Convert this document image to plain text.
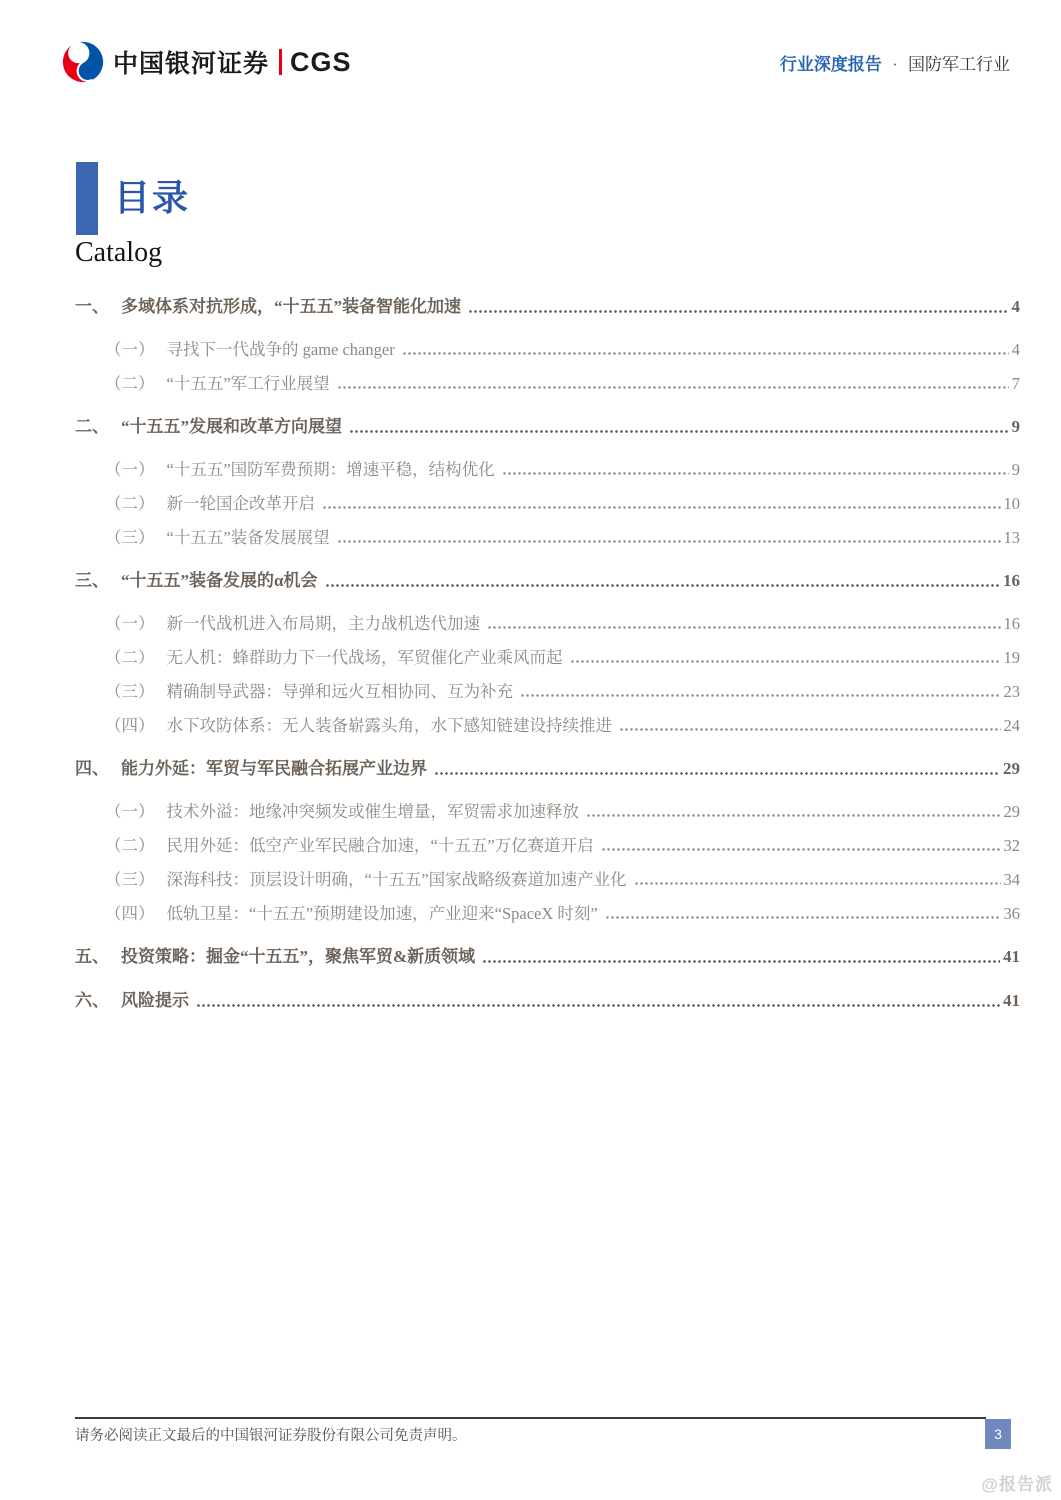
中国银河证券 CGS	行业深度报告 · 国防军工行业
目录
Catalog
一、 多域体系对抗形成，“十五五”装备智能化加速	4
（一） 寻找下一代战争的 game changer	4
（二） “十五五”军工行业展望	7
二、 “十五五”发展和改革方向展望	9
（一） “十五五”国防军费预期：增速平稳，结构优化	9
（二） 新一轮国企改革开启	10
（三） “十五五”装备发展展望	13
三、 “十五五”装备发展的α机会	16
（一） 新一代战机进入布局期，主力战机迭代加速	16
（二） 无人机：蜂群助力下一代战场，军贸催化产业乘风而起	19
（三） 精确制导武器：导弹和远火互相协同、互为补充	23
（四） 水下攻防体系：无人装备崭露头角，水下感知链建设持续推进	24
四、 能力外延：军贸与军民融合拓展产业边界	29
（一） 技术外溢：地缘冲突频发或催生增量，军贸需求加速释放	29
（二） 民用外延：低空产业军民融合加速，“十五五”万亿赛道开启	32
（三） 深海科技：顶层设计明确，“十五五”国家战略级赛道加速产业化	34
（四） 低轨卫星：“十五五”预期建设加速，产业迎来“SpaceX 时刻”	36
五、 投资策略：掘金“十五五”，聚焦军贸&新质领域	41
六、 风险提示	41
请务必阅读正文最后的中国银河证券股份有限公司免责声明。	3
@报告派
